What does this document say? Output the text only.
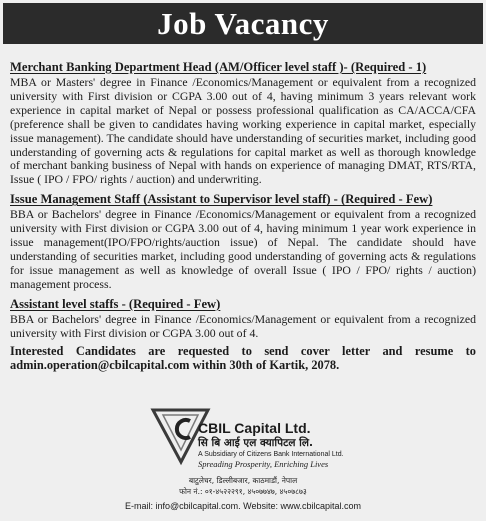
Job Vacancy

Merchant Banking Department Head (AM/Officer level staff )- (Required - 1)

MBA or Masters' degree in Finance /Economics/Management or equivalent from a recognized university with First division or CGPA 3.00 out of 4, having minimum 3 years relevant work experience in capital market of Nepal or possess professional qualification as CA/ACCA/CFA (preference shall be given to candidates having working experience in capital market, especially issue management). The candidate should have understanding of securities market, including good understanding of governing acts & regulations for capital market as well as thorough knowledge of merchant banking business of Nepal with hands on experience of managing DMAT, RTS/RTA, Issue ( IPO / FPO/ rights / auction) and underwriting.

Issue Management Staff (Assistant to Supervisor level staff) - (Required - Few)

BBA or Bachelors' degree in Finance /Economics/Management or equivalent from a recognized university with First division or CGPA 3.00 out of 4, having minimum 1 year work experience in issue management(IPO/FPO/rights/auction issue) of Nepal. The candidate should have understanding of securities market, including good understanding of governing acts & regulations for issue management as well as knowledge of overall Issue ( IPO / FPO/ rights / auction) management process.

Assistant level staffs - (Required - Few)

BBA or Bachelors' degree in Finance /Economics/Management or equivalent from a recognized university with First division or CGPA 3.00 out of 4.

Interested Candidates are requested to send cover letter and resume to admin.operation@cbilcapital.com within 30th of Kartik, 2078.

CBIL Capital Ltd.
सि बि आई एल क्यापिटल लि.
A Subsidiary of Citizens Bank International Ltd.
Spreading Prosperity, Enriching Lives
बाटुलेचर, डिल्लीबजार, काठमाडौं, नेपाल
फोन नं.: ०१-४५२२२९१, ४५०७७४७, ४५०७८७३
E-mail: info@cbilcapital.com. Website: www.cbilcapital.com
